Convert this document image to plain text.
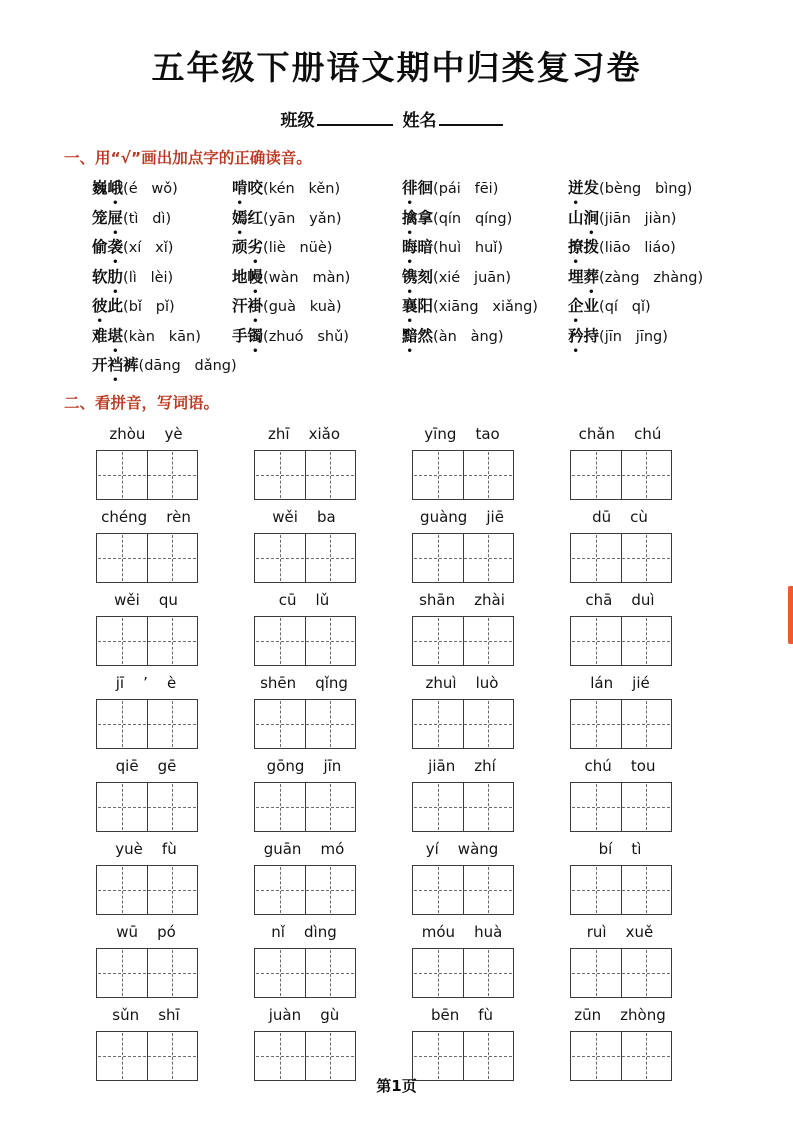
五年级下册语文期中归类复习卷
班级	姓名
一、用“√”画出加点字的正确读音。
巍峨(é   wǒ)	啃咬(kén   kěn)	徘徊(pái   fēi)	迸发(bèng   bìng)
笼屉(tì   dì)	嫣红(yān   yǎn)	擒拿(qín   qíng)	山涧(jiān   jiàn)
偷袭(xí   xǐ)	顽劣(liè   nüè)	晦暗(huì   huǐ)	撩拨(liāo   liáo)
软肋(lì   lèi)	地幔(wàn   màn)	镌刻(xié   juān)	埋葬(zàng   zhàng)
彼此(bǐ   pǐ)	汗褂(guà   kuà)	襄阳(xiāng   xiǎng)	企业(qí   qǐ)
难堪(kàn   kān)	手镯(zhuó   shǔ)	黯然(àn   àng)	矜持(jīn   jīng)
开裆裤(dāng   dǎng)
二、看拼音，写词语。
zhòu    yè	zhī    xiǎo	yīng    tao	chǎn    chú
chéng    rèn	wěi    ba	guàng    jiē	dū    cù
wěi    qu	cū    lǔ	shān    zhài	chā    duì
jī    ’    è	shēn    qǐng	zhuì    luò	lán    jié
qiē    gē	gōng    jīn	jiān    zhí	chú    tou
yuè    fù	guān    mó	yí    wàng	bí    tì
wū    pó	nǐ    dìng	móu    huà	ruì    xuě
sǔn    shī	juàn    gù	bēn    fù	zūn    zhòng
第1页
